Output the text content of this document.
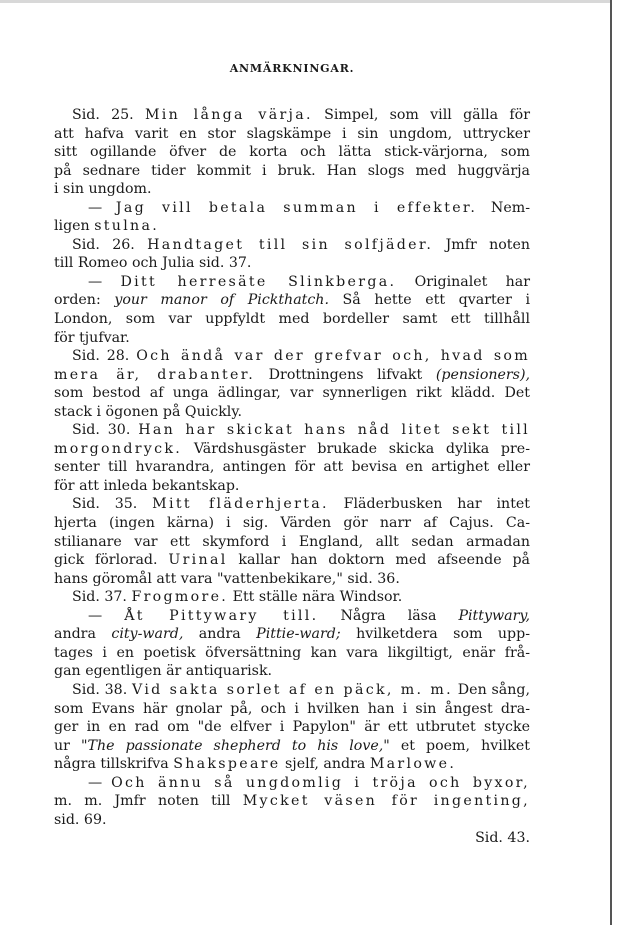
ANMÄRKNINGAR.
Sid. 25. Min långa värja. Simpel, som vill gälla för
att hafva varit en stor slagskämpe i sin ungdom, uttrycker
sitt ogillande öfver de korta och lätta stick-värjorna, som
på sednare tider kommit i bruk. Han slogs med huggvärja
i sin ungdom.
— Jag vill betala summan i effekter. Nem-
ligen stulna.
Sid. 26. Handtaget till sin solfjäder. Jmfr noten
till Romeo och Julia sid. 37.
— Ditt herresäte Slinkberga. Originalet har
orden: your manor of Pickthatch. Så hette ett qvarter i
London, som var uppfyldt med bordeller samt ett tillhåll
för tjufvar.
Sid. 28. Och ändå var der grefvar och, hvad som
mera är, drabanter. Drottningens lifvakt (pensioners),
som bestod af unga ädlingar, var synnerligen rikt klädd. Det
stack i ögonen på Quickly.
Sid. 30. Han har skickat hans nåd litet sekt till
morgondryck. Värdshusgäster brukade skicka dylika pre-
senter till hvarandra, antingen för att bevisa en artighet eller
för att inleda bekantskap.
Sid. 35. Mitt fläderhjerta. Fläderbusken har intet
hjerta (ingen kärna) i sig. Värden gör narr af Cajus. Ca-
stilianare var ett skymford i England, allt sedan armadan
gick förlorad. Urinal kallar han doktorn med afseende på
hans göromål att vara "vattenbekikare," sid. 36.
Sid. 37. Frogmore. Ett ställe nära Windsor.
— Åt Pittywary till. Några läsa Pittywary,
andra city-ward, andra Pittie-ward; hvilketdera som upp-
tages i en poetisk öfversättning kan vara likgiltigt, enär frå-
gan egentligen är antiquarisk.
Sid. 38. Vid sakta sorlet af en päck, m. m. Den sång,
som Evans här gnolar på, och i hvilken han i sin ångest dra-
ger in en rad om "de elfver i Papylon" är ett utbrutet stycke
ur "The passionate shepherd to his love," et poem, hvilket
några tillskrifva Shakspeare sjelf, andra Marlowe.
— Och ännu så ungdomlig i tröja och byxor,
m. m. Jmfr noten till Mycket väsen för ingenting,
sid. 69.
Sid. 43.
